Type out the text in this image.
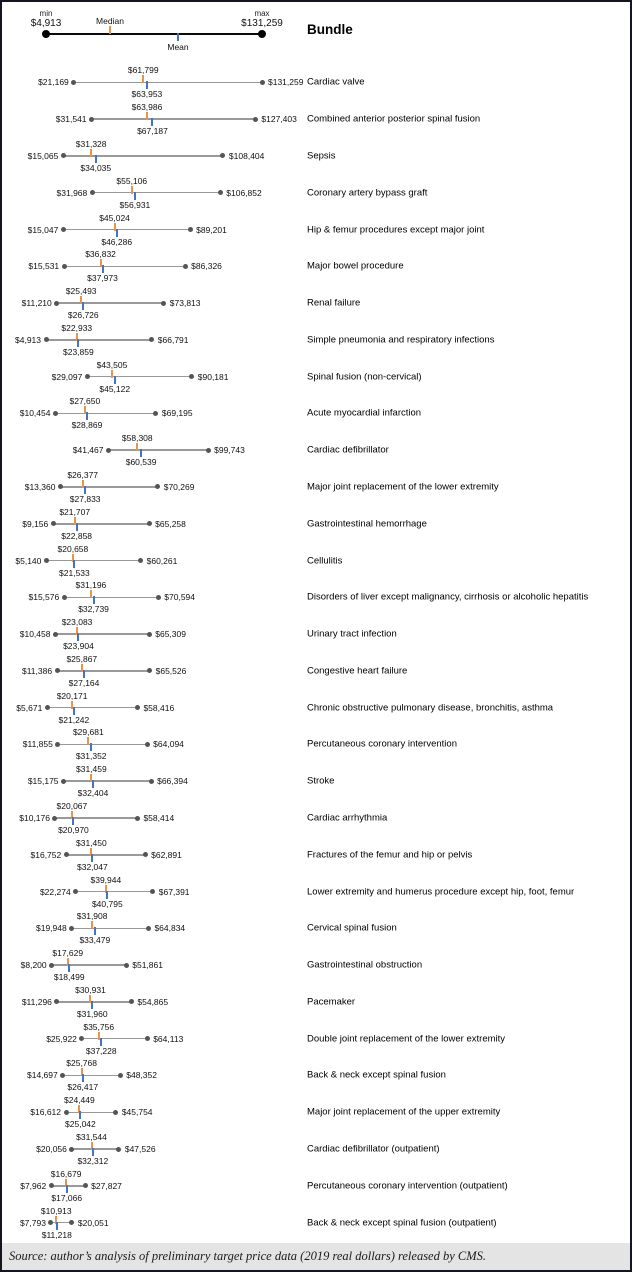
min
$4,913
max
$131,259
Median
Mean
Bundle
$21,169	$131,259
$61,799
$63,953
Cardiac valve
$31,541	$127,403
$63,986
$67,187
Combined anterior posterior spinal fusion
$15,065	$108,404
$31,328
$34,035
Sepsis
$31,968	$106,852
$55,106
$56,931
Coronary artery bypass graft
$15,047	$89,201
$45,024
$46,286
Hip & femur procedures except major joint
$15,531	$86,326
$36,832
$37,973
Major bowel procedure
$11,210	$73,813
$25,493
$26,726
Renal failure
$4,913	$66,791
$22,933
$23,859
Simple pneumonia and respiratory infections
$29,097	$90,181
$43,505
$45,122
Spinal fusion (non-cervical)
$10,454	$69,195
$27,650
$28,869
Acute myocardial infarction
$41,467	$99,743
$58,308
$60,539
Cardiac defibrillator
$13,360	$70,269
$26,377
$27,833
Major joint replacement of the lower extremity
$9,156	$65,258
$21,707
$22,858
Gastrointestinal hemorrhage
$5,140	$60,261
$20,658
$21,533
Cellulitis
$15,576	$70,594
$31,196
$32,739
Disorders of liver except malignancy, cirrhosis or alcoholic hepatitis
$10,458	$65,309
$23,083
$23,904
Urinary tract infection
$11,386	$65,526
$25,867
$27,164
Congestive heart failure
$5,671	$58,416
$20,171
$21,242
Chronic obstructive pulmonary disease, bronchitis, asthma
$11,855	$64,094
$29,681
$31,352
Percutaneous coronary intervention
$15,175	$66,394
$31,459
$32,404
Stroke
$10,176	$58,414
$20,067
$20,970
Cardiac arrhythmia
$16,752	$62,891
$31,450
$32,047
Fractures of the femur and hip or pelvis
$22,274	$67,391
$39,944
$40,795
Lower extremity and humerus procedure except hip, foot, femur
$19,948	$64,834
$31,908
$33,479
Cervical spinal fusion
$8,200	$51,861
$17,629
$18,499
Gastrointestinal obstruction
$11,296	$54,865
$30,931
$31,960
Pacemaker
$25,922	$64,113
$35,756
$37,228
Double joint replacement of the lower extremity
$14,697	$48,352
$25,768
$26,417
Back & neck except spinal fusion
$16,612	$45,754
$24,449
$25,042
Major joint replacement of the upper extremity
$20,056	$47,526
$31,544
$32,312
Cardiac defibrillator (outpatient)
$7,962	$27,827
$16,679
$17,066
Percutaneous coronary intervention (outpatient)
$7,793	$20,051
$10,913
$11,218
Back & neck except spinal fusion (outpatient)
Source: author’s analysis of preliminary target price data (2019 real dollars) released by CMS.
